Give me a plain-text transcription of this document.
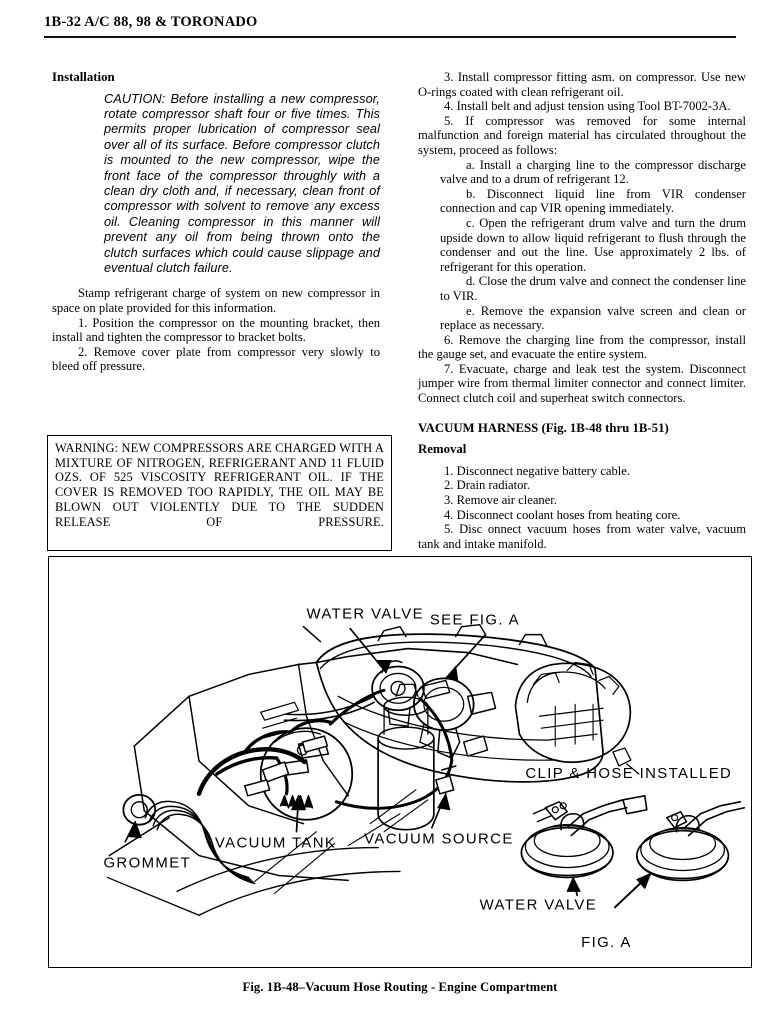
1B-32 A/C 88, 98 & TORONADO
Installation
CAUTION: Before installing a new compressor, rotate compressor shaft four or five times. This permits proper lubrication of compressor seal over all of its surface. Before compressor clutch is mounted to the new compressor, wipe the front face of the compressor throughly with a clean dry cloth and, if necessary, clean front of compressor with solvent to remove any excess oil. Cleaning compressor in this manner will prevent any oil from being thrown onto the clutch surfaces which could cause slippage and eventual clutch failure.

Stamp refrigerant charge of system on new compressor in space on plate provided for this information.

1. Position the compressor on the mounting bracket, then install and tighten the compressor to bracket bolts.

2. Remove cover plate from compressor very slowly to bleed off pressure.

WARNING: NEW COMPRESSORS ARE CHARGED WITH A MIXTURE OF NITROGEN, REFRIGERANT AND 11 FLUID OZS. OF 525 VISCOSITY REFRIGERANT OIL. IF THE COVER IS REMOVED TOO RAPIDLY, THE OIL MAY BE BLOWN OUT VIOLENTLY DUE TO THE SUDDEN RELEASE OF PRESSURE.

3. Install compressor fitting asm. on compressor. Use new O-rings coated with clean refrigerant oil.

4. Install belt and adjust tension using Tool BT-7002-3A.

5. If compressor was removed for some internal malfunction and foreign material has circulated throughout the system, proceed as follows:

a. Install a charging line to the compressor discharge valve and to a drum of refrigerant 12.

b. Disconnect liquid line from VIR condenser connection and cap VIR opening immediately.

c. Open the refrigerant drum valve and turn the drum upside down to allow liquid refrigerant to flush through the condenser and out the line. Use approximately 2 lbs. of refrigerant for this operation.

d. Close the drum valve and connect the condenser line to VIR.

e. Remove the expansion valve screen and clean or replace as necessary.

6. Remove the charging line from the compressor, install the gauge set, and evacuate the entire system.

7. Evacuate, charge and leak test the system. Disconnect jumper wire from thermal limiter connector and connect limiter. Connect clutch coil and superheat switch connectors.

VACUUM HARNESS (Fig. 1B-48 thru 1B-51)
Removal

1. Disconnect negative battery cable.

2. Drain radiator.

3. Remove air cleaner.

4. Disconnect coolant hoses from heating core.

5. Disc onnect vacuum hoses from water valve, vacuum tank and intake manifold.

WATER VALVE SEE FIG. A
VACUUM SOURCE
VACUUM TANK
GROMMET
CLIP & HOSE INSTALLED
WATER VALVE
FIG. A
Fig. 1B-48–Vacuum Hose Routing - Engine Compartment
